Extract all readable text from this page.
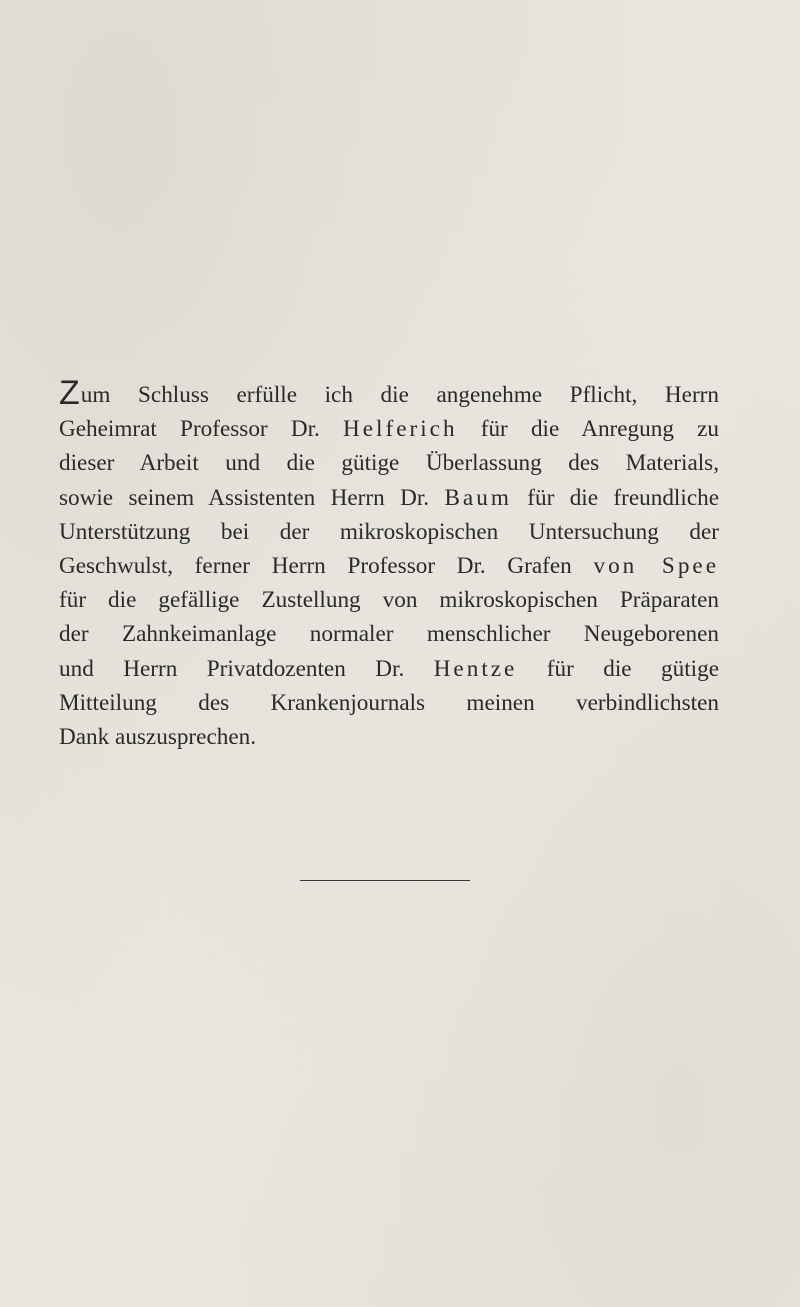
Zum Schluss erfülle ich die angenehme Pflicht, Herrn
Geheimrat Professor Dr. Helferich für die Anregung zu
dieser Arbeit und die gütige Überlassung des Materials,
sowie seinem Assistenten Herrn Dr. Baum für die freundliche
Unterstützung bei der mikroskopischen Untersuchung der
Geschwulst, ferner Herrn Professor Dr. Grafen von Spee
für die gefällige Zustellung von mikroskopischen Präparaten
der Zahnkeimanlage normaler menschlicher Neugeborenen
und Herrn Privatdozenten Dr. Hentze für die gütige
Mitteilung des Krankenjournals meinen verbindlichsten
Dank auszusprechen.
